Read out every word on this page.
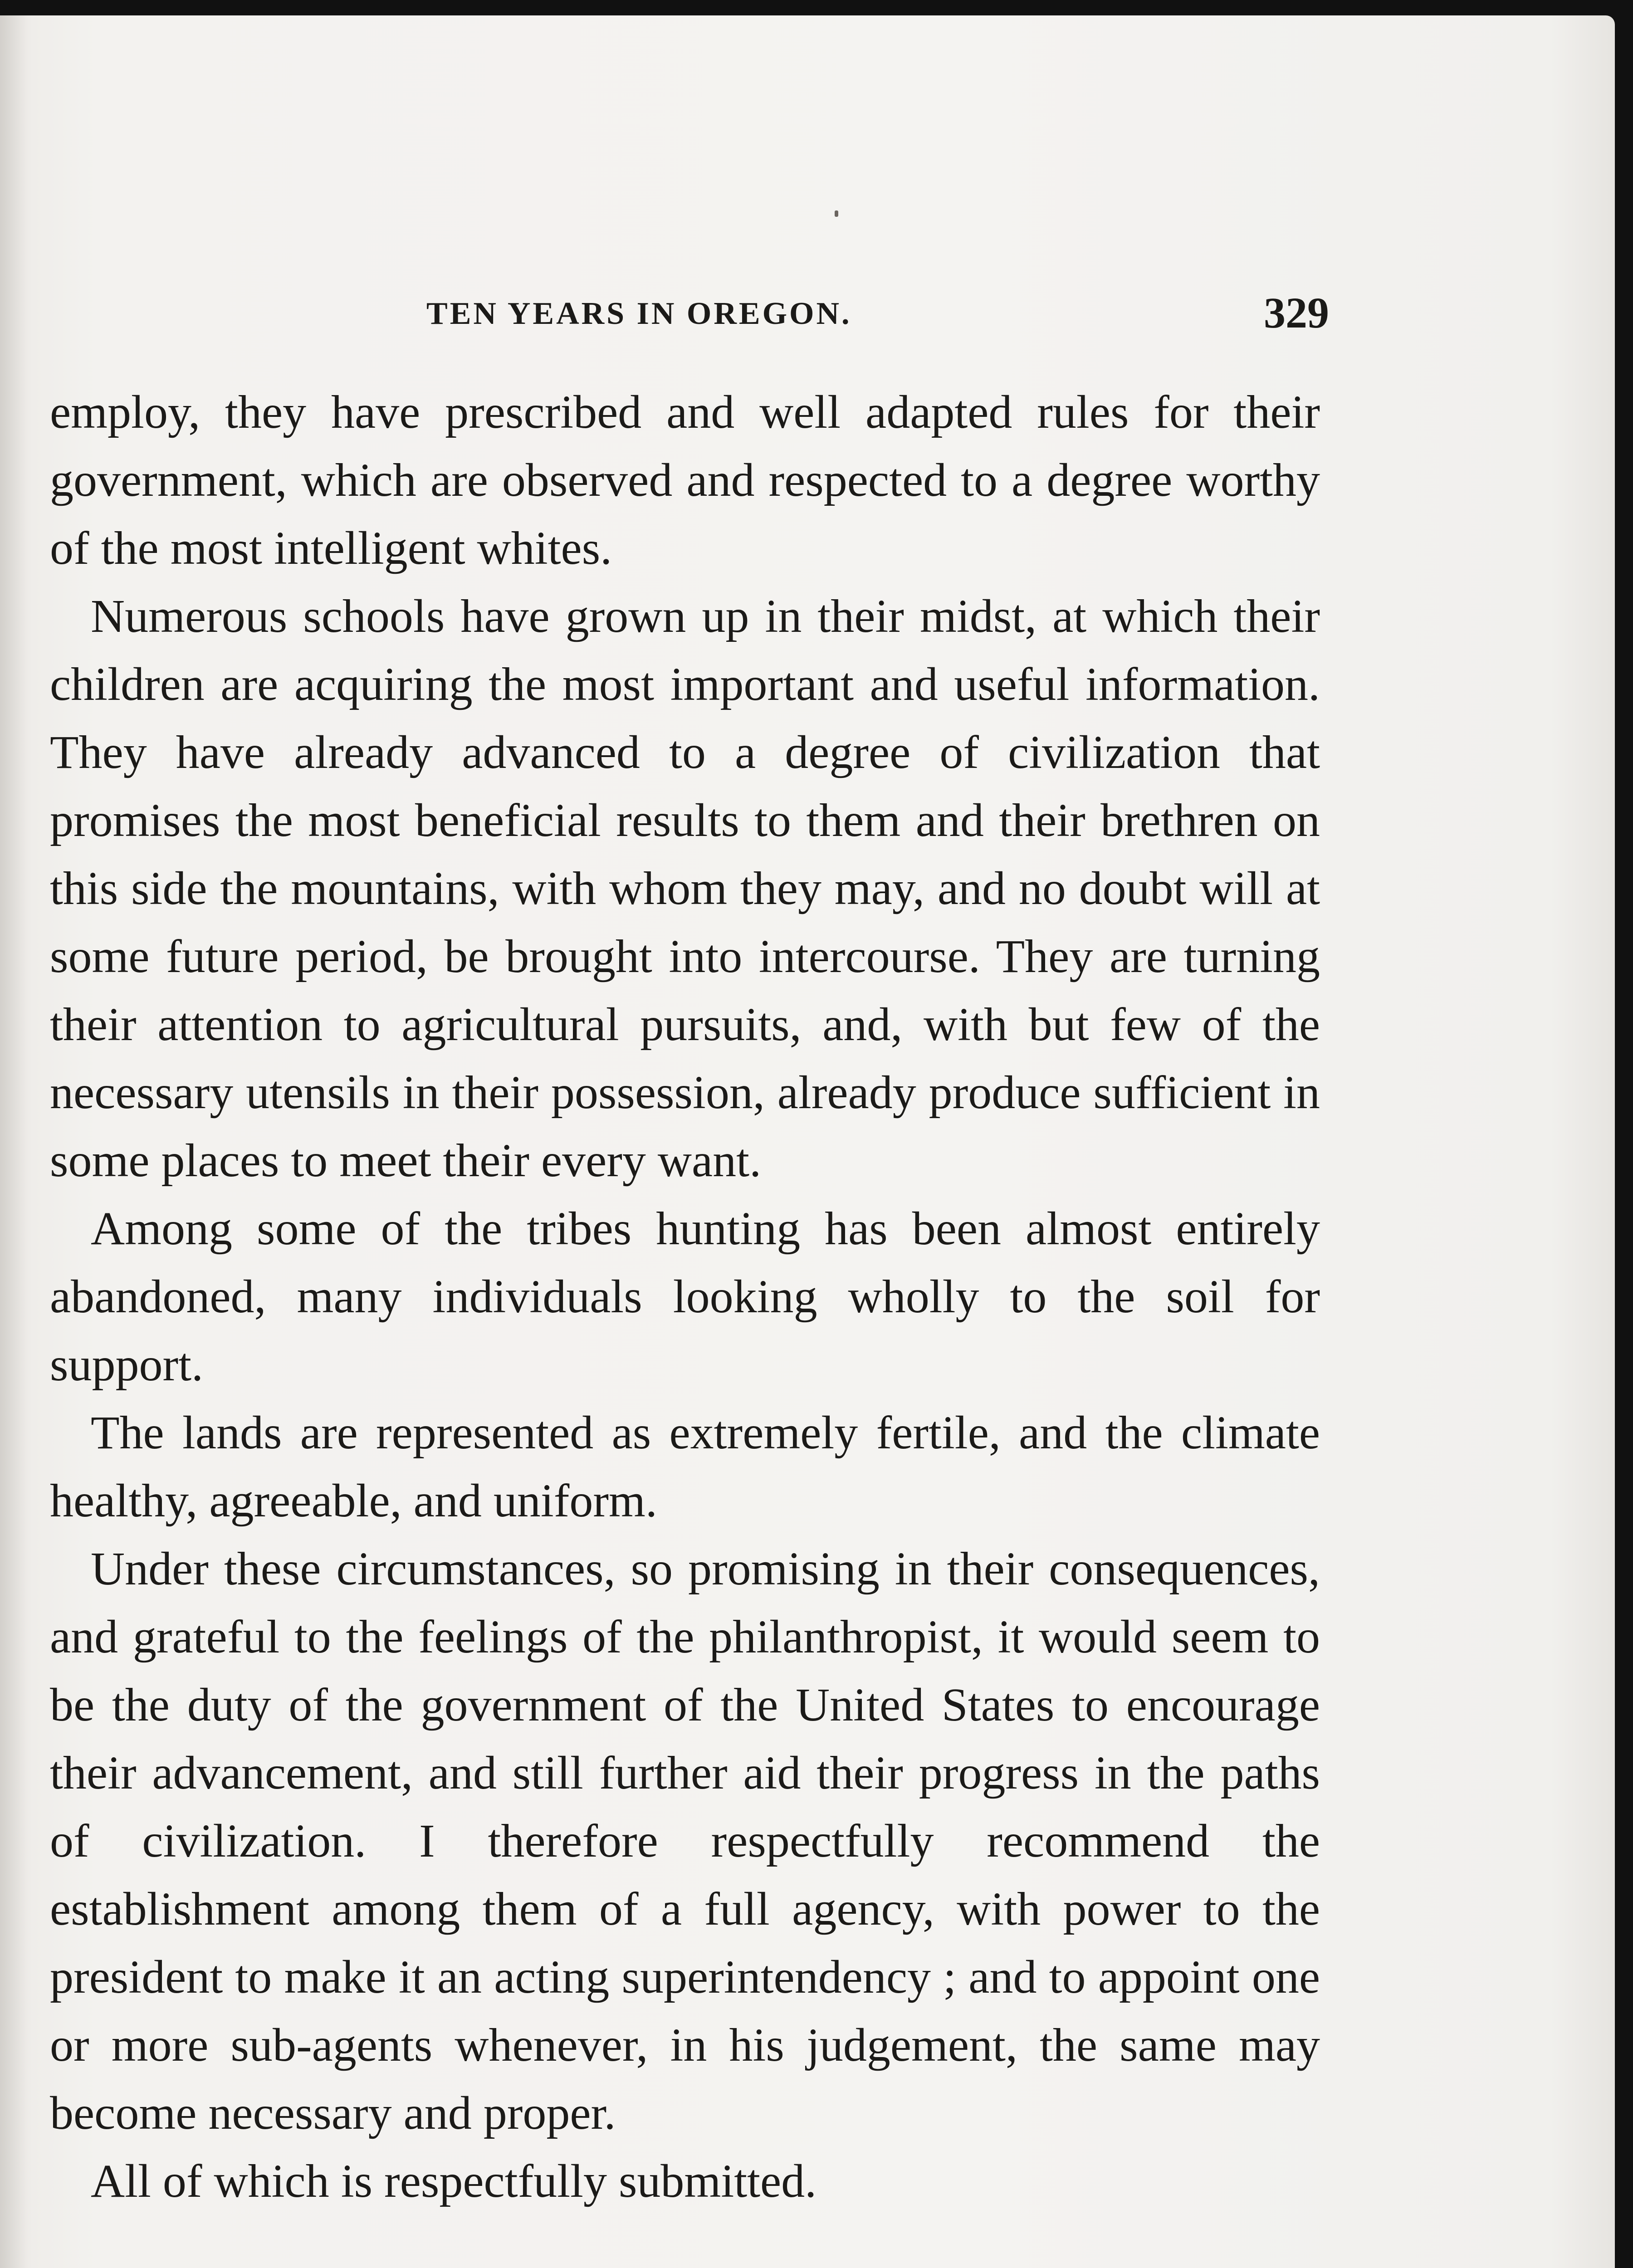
TEN YEARS IN OREGON.	329

employ, they have prescribed and well adapted rules for their government, which are observed and respected to a degree worthy of the most intelligent whites.

Numerous schools have grown up in their midst, at which their children are acquiring the most important and useful information. They have already advanced to a degree of civilization that promises the most beneficial results to them and their brethren on this side the mountains, with whom they may, and no doubt will at some future period, be brought into intercourse. They are turning their attention to agricultural pursuits, and, with but few of the necessary utensils in their possession, already produce sufficient in some places to meet their every want.

Among some of the tribes hunting has been almost entirely abandoned, many individuals looking wholly to the soil for support.

The lands are represented as extremely fertile, and the climate healthy, agreeable, and uniform.

Under these circumstances, so promising in their consequences, and grateful to the feelings of the philanthropist, it would seem to be the duty of the government of the United States to encourage their advancement, and still further aid their progress in the paths of civilization. I therefore respectfully recommend the establishment among them of a full agency, with power to the president to make it an acting superintendency ; and to appoint one or more sub-agents whenever, in his judgement, the same may become necessary and proper.

All of which is respectfully submitted.
